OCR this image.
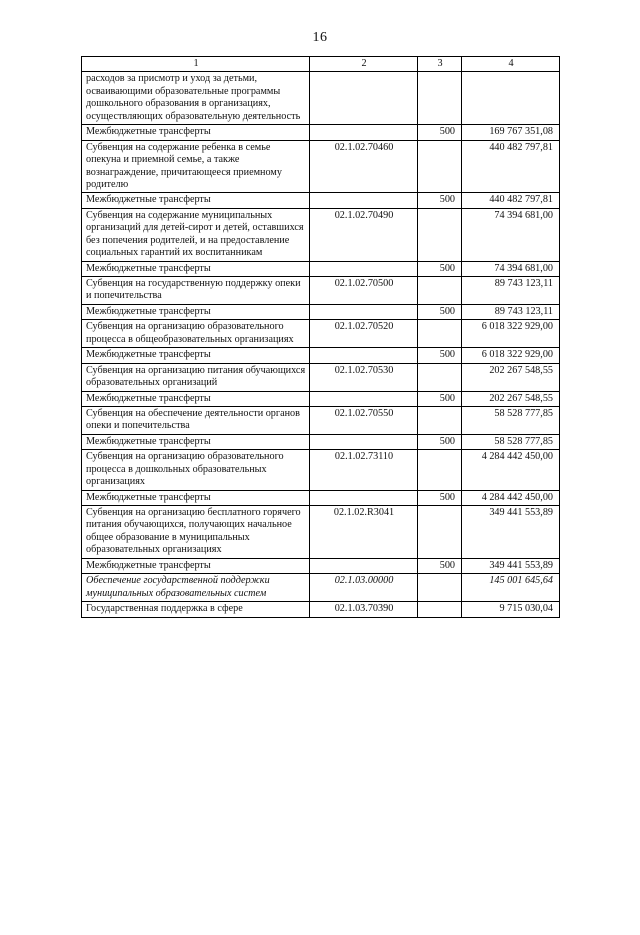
16
1	2	3	4
расходов за присмотр и уход за детьми, осваивающими образовательные программы дошкольного образования в организациях, осуществляющих образовательную деятельность			
Межбюджетные трансферты		500	169 767 351,08
Субвенция на содержание ребенка в семье опекуна и приемной семье, а также вознаграждение, причитающееся приемному родителю	02.1.02.70460		440 482 797,81
Межбюджетные трансферты		500	440 482 797,81
Субвенция на содержание муниципальных организаций для детей-сирот и детей, оставшихся без попечения родителей, и на предоставление социальных гарантий их воспитанникам	02.1.02.70490		74 394 681,00
Межбюджетные трансферты		500	74 394 681,00
Субвенция на государственную поддержку опеки и попечительства	02.1.02.70500		89 743 123,11
Межбюджетные трансферты		500	89 743 123,11
Субвенция на организацию образовательного процесса в общеобразовательных организациях	02.1.02.70520		6 018 322 929,00
Межбюджетные трансферты		500	6 018 322 929,00
Субвенция на организацию питания обучающихся образовательных организаций	02.1.02.70530		202 267 548,55
Межбюджетные трансферты		500	202 267 548,55
Субвенция на обеспечение деятельности органов опеки и попечительства	02.1.02.70550		58 528 777,85
Межбюджетные трансферты		500	58 528 777,85
Субвенция на организацию образовательного процесса в дошкольных образовательных организациях	02.1.02.73110		4 284 442 450,00
Межбюджетные трансферты		500	4 284 442 450,00
Субвенция на организацию бесплатного горячего питания обучающихся, получающих начальное общее образование в муниципальных образовательных организациях	02.1.02.R3041		349 441 553,89
Межбюджетные трансферты		500	349 441 553,89
Обеспечение государственной поддержки муниципальных образовательных систем	02.1.03.00000		145 001 645,64
Государственная поддержка в сфере	02.1.03.70390		9 715 030,04
